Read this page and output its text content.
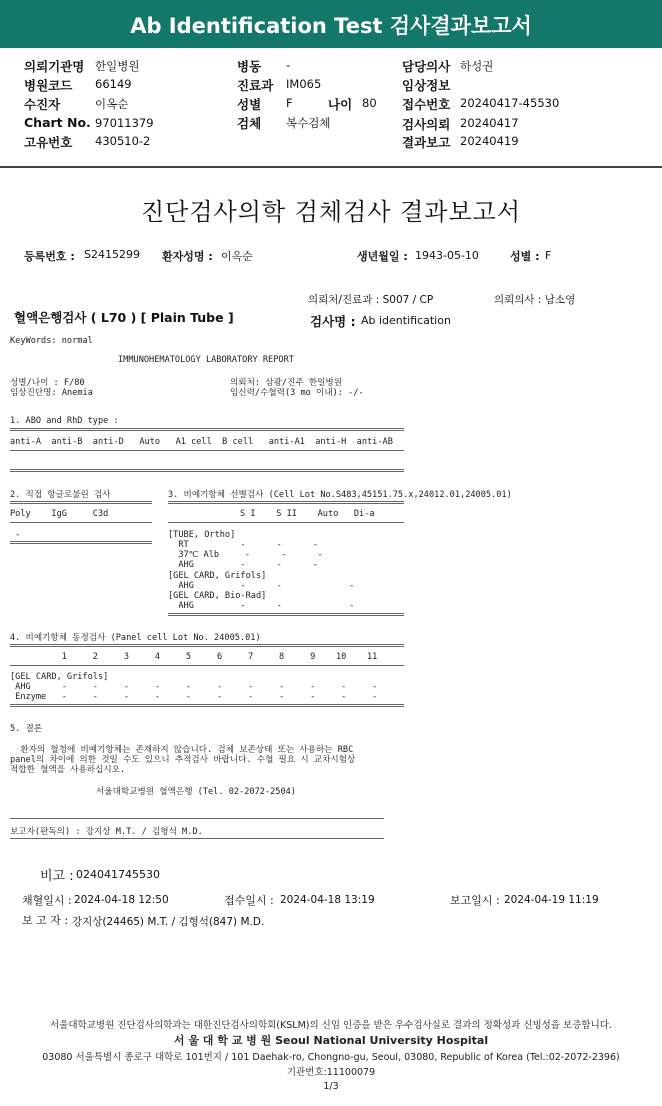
Ab Identification Test 검사결과보고서
의뢰기관명 한일병원
병원코드 66149
수진자	이옥순
Chart No. 97011379
고유번호 430510-2
병동 -
진료과 IM065
성별 F	나이 80
검체 복수검체
담당의사 하성권
임상정보
접수번호 20240417-45530
검사의뢰 20240417
결과보고 20240419
진단검사의학 검체검사 결과보고서
등록번호 : S2415299 환자성명 : 이옥순	생년월일 : 1943-05-10	성별 : F
의뢰처/진료과 : S007 / CP	의뢰의사 : 남소영
혈액은행검사 ( L70 ) [ Plain Tube ]	검사명 : Ab identification
KeyWords: normal
IMMUNOHEMATOLOGY LABORATORY REPORT
성별/나이 : F/80
임상진단명: Anemia
의뢰처: 삼광/진주 한일병원
임신력/수혈력(3 mo 이내): -/-
1. ABO and RhD type :
anti-A  anti-B  anti-D   Auto   A1 cell  B cell   anti-A1  anti-H  anti-AB
2. 직접 항글로불린 검사
Poly    IgG     C3d
-
3. 비예기항체 선별검사 (Cell Lot No.S483,45151.75.x,24012.01,24005.01)
S I    S II    Auto   Di-a
[TUBE, Ortho]
RT          -      -      -
37℃ Alb     -      -      -
AHG         -      -      -
[GEL CARD, Grifols]
AHG         -      -             -
[GEL CARD, Bio-Rad]
AHG         -      -             -
4. 비예기항체 동정검사 (Panel cell Lot No. 24005.01)
1     2     3     4     5     6     7     8     9    10    11
[GEL CARD, Grifols]
AHG      -     -     -     -     -     -     -     -     -     -     -
Enzyme   -     -     -     -     -     -     -     -     -     -     -
5. 결론
환자의 혈청에 비예기항체는 존재하지 않습니다. 검체 보존상태 또는 사용하는 RBC
panel의 차이에 의한 것일 수도 있으니 추적검사 바랍니다. 수혈 필요 시 교차시험상
적합한 혈액을 사용하십시오.
서울대학교병원 혈액은행 (Tel. 02-2072-2504)
보고자(판독의) : 강지상 M.T. / 김형석 M.D.
비고 : 024041745530
채혈일시 : 2024-04-18 12:50	접수일시 : 2024-04-18 13:19	보고일시 : 2024-04-19 11:19
보 고 자 : 강지상(24465) M.T. / 김형석(847) M.D.
서울대학교병원 진단검사의학과는 대한진단검사의학회(KSLM)의 신임 인증을 받은 우수검사실로 결과의 정확성과 신빙성을 보증합니다.
서 울 대 학 교 병 원 Seoul National University Hospital
03080 서울특별시 종로구 대학로 101번지 / 101 Daehak-ro, Chongno-gu, Seoul, 03080, Republic of Korea (Tel.:02-2072-2396)
기관번호:11100079
1/3
